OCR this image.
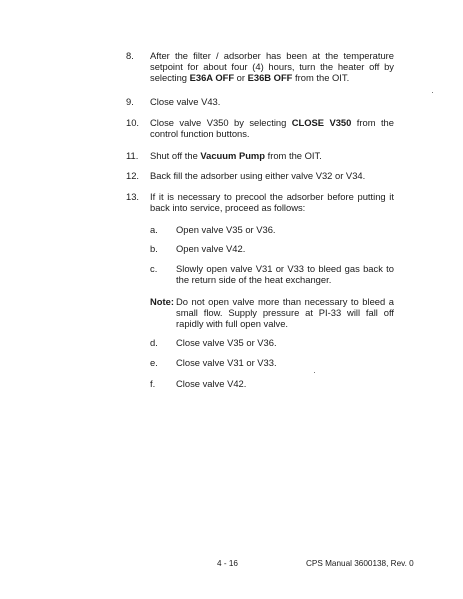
8. After the filter / adsorber has been at the temperature setpoint for about four (4) hours, turn the heater off by selecting E36A OFF or E36B OFF from the OIT.
9. Close valve V43.
10. Close valve V350 by selecting CLOSE V350 from the control function buttons.
11. Shut off the Vacuum Pump from the OIT.
12. Back fill the adsorber using either valve V32 or V34.
13. If it is necessary to precool the adsorber before putting it back into service, proceed as follows:
a. Open valve V35 or V36.
b. Open valve V42.
c. Slowly open valve V31 or V33 to bleed gas back to the return side of the heat exchanger.
Note: Do not open valve more than necessary to bleed a small flow. Supply pressure at PI-33 will fall off rapidly with full open valve.
d. Close valve V35 or V36.
e. Close valve V31 or V33.
f. Close valve V42.
4 - 16	CPS Manual 3600138, Rev. 0
